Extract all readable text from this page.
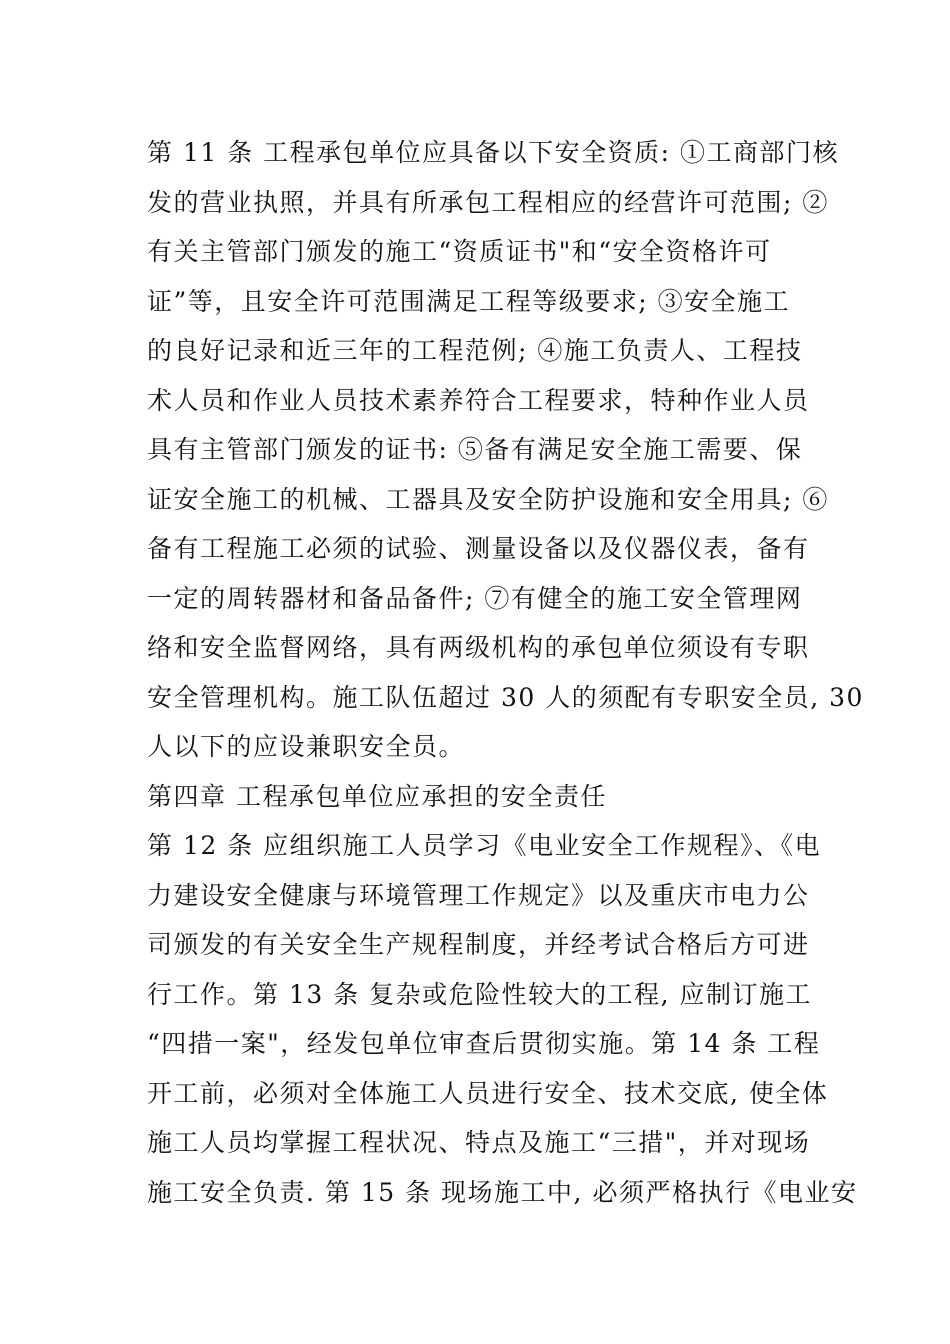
第 11 条 工程承包单位应具备以下安全资质: ①工商部门核
发的营业执照，并具有所承包工程相应的经营许可范围; ②
有关主管部门颁发的施工“资质证书"和“安全资格许可
证”等，且安全许可范围满足工程等级要求; ③安全施工
的良好记录和近三年的工程范例; ④施工负责人、工程技
术人员和作业人员技术素养符合工程要求，特种作业人员
具有主管部门颁发的证书: ⑤备有满足安全施工需要、保
证安全施工的机械、工器具及安全防护设施和安全用具; ⑥
备有工程施工必须的试验、测量设备以及仪器仪表，备有
一定的周转器材和备品备件; ⑦有健全的施工安全管理网
络和安全监督网络，具有两级机构的承包单位须设有专职
安全管理机构。施工队伍超过 30 人的须配有专职安全员, 30
人以下的应设兼职安全员。
第四章 工程承包单位应承担的安全责任
第 12 条 应组织施工人员学习《电业安全工作规程》、《电
力建设安全健康与环境管理工作规定》以及重庆市电力公
司颁发的有关安全生产规程制度，并经考试合格后方可进
行工作。第 13 条 复杂或危险性较大的工程, 应制订施工
“四措一案"，经发包单位审查后贯彻实施。第 14 条 工程
开工前，必须对全体施工人员进行安全、技术交底, 使全体
施工人员均掌握工程状况、特点及施工“三措"，并对现场
施工安全负责. 第 15 条 现场施工中, 必须严格执行《电业安
